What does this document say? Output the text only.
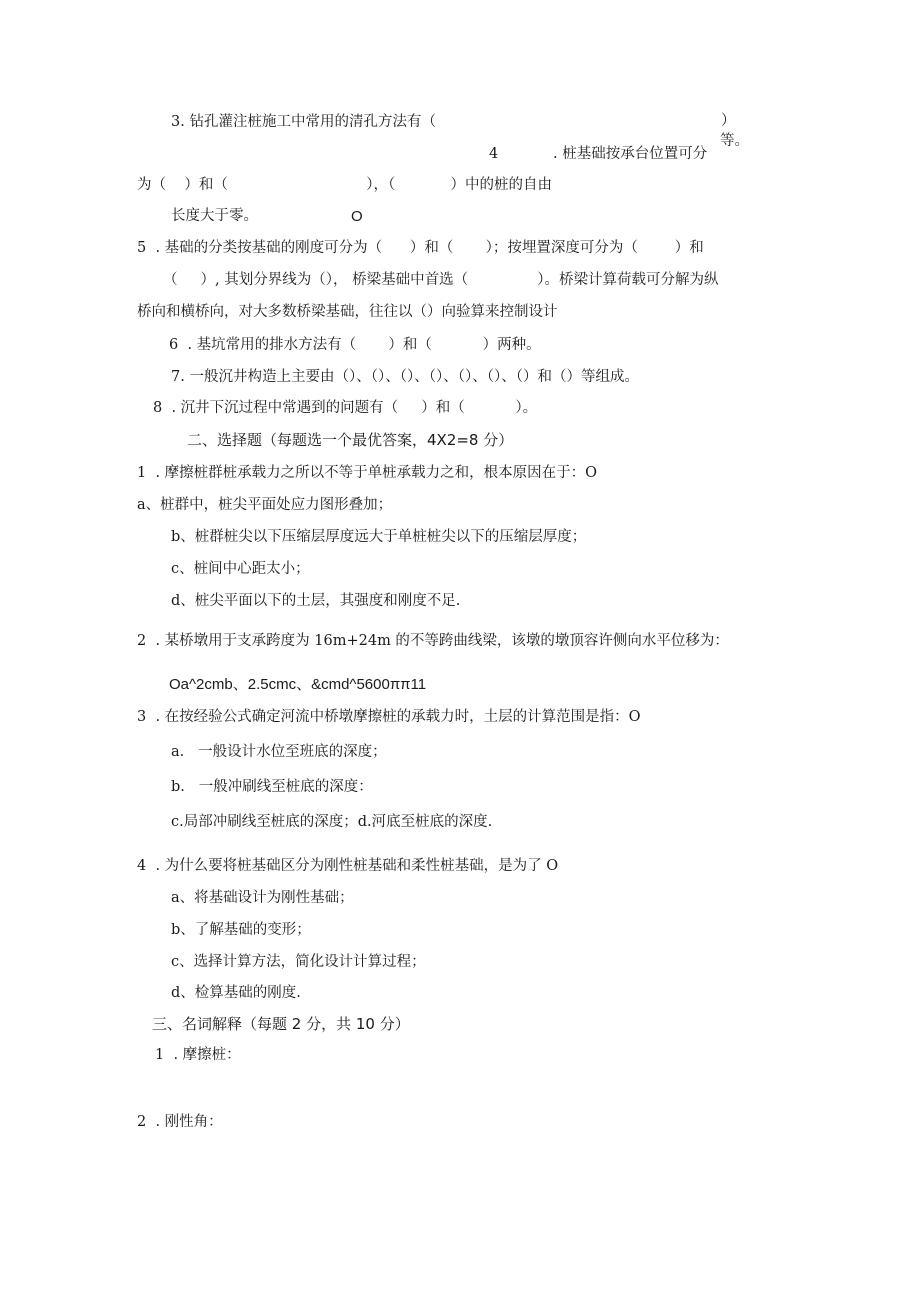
3. 钻孔灌注桩施工中常用的清孔方法有（	）
等。
4	. 桩基础按承台位置可分
为（    ）和（                              ），（            ）中的桩的自由
长度大于零。	O
5  . 基础的分类按基础的刚度可分为（      ）和（       ）；按埋置深度可分为（        ）和
（     ）, 其划分界线为（）， 桥梁基础中首选（               ）。桥梁计算荷载可分解为纵
桥向和横桥向，对大多数桥梁基础，往往以（）向验算来控制设计
6  . 基坑常用的排水方法有（       ）和（           ）两种。
7. 一般沉井构造上主要由（）、（）、（）、（）、（）、（）、（）和（）等组成。
8  . 沉井下沉过程中常遇到的问题有（     ）和（           ）。
二、选择题（每题选一个最优答案，4X2=8 分）
1  . 摩擦桩群桩承载力之所以不等于单桩承载力之和，根本原因在于：O
a、桩群中，桩尖平面处应力图形叠加；
b、桩群桩尖以下压缩层厚度远大于单桩桩尖以下的压缩层厚度；
c、桩间中心距太小；
d、桩尖平面以下的土层，其强度和刚度不足.
2  . 某桥墩用于支承跨度为 16m+24m 的不等跨曲线梁，该墩的墩顶容许侧向水平位移为：
Oa^2cmb、2.5cmc、&cmd^5600ππ11
3  . 在按经验公式确定河流中桥墩摩擦桩的承载力时，土层的计算范围是指：O
a.   一般设计水位至班底的深度；
b.   一般冲刷线至桩底的深度：
c.局部冲刷线至桩底的深度；d.河底至桩底的深度.
4  . 为什么要将桩基础区分为刚性桩基础和柔性桩基础，是为了 O
a、将基础设计为刚性基础；
b、了解基础的变形；
c、选择计算方法，简化设计计算过程；
d、检算基础的刚度.
三、名词解释（每题 2 分，共 10 分）
1  . 摩擦桩：
2  . 刚性角：
